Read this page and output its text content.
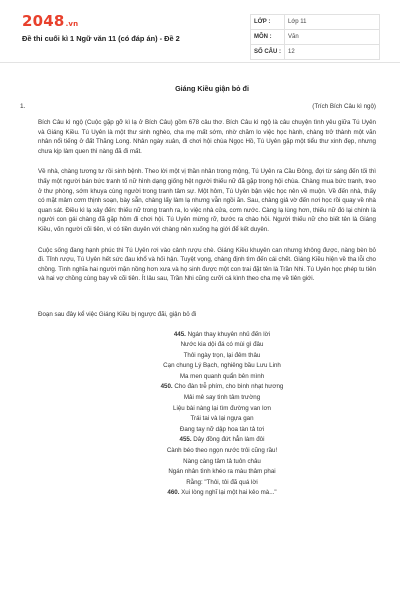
2048.vn
Đề thi cuối kì 1 Ngữ văn 11 (có đáp án) - Đề 2
LỚP :	Lớp 11
MÔN :	Văn
SỐ CÂU :	12
1.
Giáng Kiều giận bỏ đi
(Trích Bích Câu kì ngộ)

Bích Câu kì ngộ (Cuộc gặp gỡ kì lạ ở Bích Câu) gồm 678 câu thơ. Bích Câu kì ngộ là câu chuyện tình yêu giữa Tú Uyên và Giáng Kiều. Tú Uyên là một thư sinh nghèo, cha mẹ mất sớm, nhờ chăm lo việc học hành, chàng trở thành một văn nhân nổi tiếng ở đất Thăng Long. Nhân ngày xuân, đi chơi hội chùa Ngọc Hồ, Tú Uyên gặp một tiểu thư xinh đẹp, nhưng chưa kịp làm quen thì nàng đã đi mất.

Về nhà, chàng tương tư rồi sinh bệnh. Theo lời một vị thần nhân trong mộng, Tú Uyên ra Cầu Đông, đợi từ sáng đến tối thì thấy một người bán bức tranh tố nữ hình dạng giống hệt người thiếu nữ đã gặp trong hội chùa. Chàng mua bức tranh, treo ở thư phòng, sớm khuya cùng người trong tranh tâm sự. Một hôm, Tú Uyên bận việc học nên về muộn. Về đến nhà, thấy có mặt mâm cơm thịnh soạn, bày sẵn, chàng lấy làm lạ nhưng vẫn ngồi ăn. Sau, chàng giả vờ đến nơi học rồi quay về nhà quan sát. Điều kì lạ xảy đến: thiếu nữ trong tranh ra, lo việc nhà cửa, cơm nước. Càng lạ lùng hơn, thiếu nữ đó lại chính là người con gái chàng đã gặp hôm đi chơi hội. Tú Uyên mừng rỡ, bước ra chào hỏi. Người thiếu nữ cho biết tên là Giáng Kiều, vốn người cõi tiên, vì có tiền duyên với chàng nên xuống hạ giới để kết duyên.

Cuộc sống đang hạnh phúc thì Tú Uyên rơi vào cảnh rượu chè. Giáng Kiều khuyên can nhưng không được, nàng bèn bỏ đi. Tỉnh rượu, Tú Uyên hết sức đau khổ và hối hận. Tuyệt vọng, chàng định tìm đến cái chết. Giáng Kiều hiện về tha lỗi cho chồng. Tình nghĩa hai người mặn nồng hơn xưa và họ sinh được một con trai đặt tên là Trần Nhi. Tú Uyên học phép tu tiên và hai vợ chồng cùng bay về cõi tiên. Ít lâu sau, Trần Nhi cũng cưỡi cá kình theo cha mẹ về tiên giới.

Đoạn sau đây kể việc Giáng Kiều bị ngược đãi, giận bỏ đi
445. Ngán thay khuyên nhủ đến lời
Nước kia dội đá có mùi gì đâu
Thôi ngày trọn, lại đêm thâu
Cạn chung Lý Bạch, nghiêng bầu Lưu Linh
Ma men quanh quẩn bên mình
450. Cho đàn trễ phím, cho bình nhạt hương
Mải mê say tình tâm trường
Liệu bài nàng lại tìm đường van lơn
Trái tai và lại ngựa gan
Đang tay nỡ dập hoa tàn tả tơi
455. Dây đồng đứt hẳn làm đôi
Cành béo theo ngọn nước trôi cũng rầu!
Nàng càng tâm tả tuôn châu
Ngán nhân tình khéo ra màu thâm phai
Rằng: "Thôi, tôi đã quá lời
460. Xui lòng nghĩ lại một hai kẻo mà..."
